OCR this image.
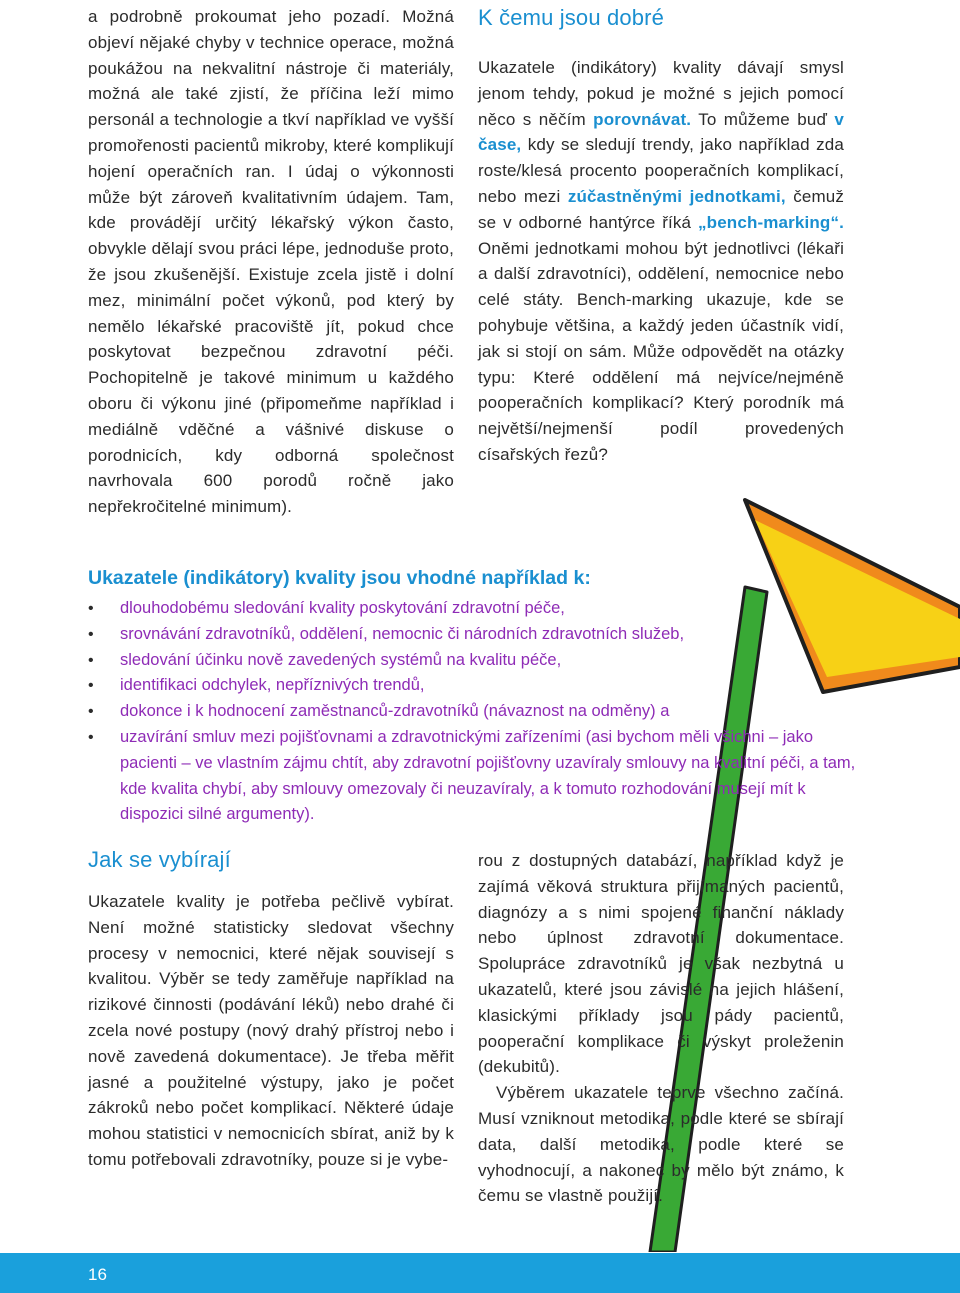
a podrobně prokoumat jeho pozadí. Možná objeví nějaké chyby v technice operace, možná poukážou na nekvalitní nástroje či materiály, možná ale také zjistí, že příčina leží mimo personál a technologie a tkví například ve vyšší promořenosti pacientů mikroby, které komplikují hojení operačních ran. I údaj o výkonnosti může být zároveň kvalitativním údajem. Tam, kde provádějí určitý lékařský výkon často, obvykle dělají svou práci lépe, jednoduše proto, že jsou zkušenější. Existuje zcela jistě i dolní mez, minimální počet výkonů, pod který by nemělo lékařské pracoviště jít, pokud chce poskytovat bezpečnou zdravotní péči. Pochopitelně je takové minimum u každého oboru či výkonu jiné (připomeňme například i mediálně vděčné a vášnivé diskuse o porodnicích, kdy odborná společnost navrhovala 600 porodů ročně jako nepřekročitelné minimum).

K čemu jsou dobré

Ukazatele (indikátory) kvality dávají smysl jenom tehdy, pokud je možné s jejich pomocí něco s něčím porovnávat. To můžeme buď v čase, kdy se sledují trendy, jako například zda roste/klesá procento pooperačních komplikací, nebo mezi zúčastněnými jednotkami, čemuž se v odborné hantýrce říká „bench-marking“. Oněmi jednotkami mohou být jednotlivci (lékaři a další zdravotníci), oddělení, nemocnice nebo celé státy. Bench-marking ukazuje, kde se pohybuje většina, a každý jeden účastník vidí, jak si stojí on sám. Může odpovědět na otázky typu: Které oddělení má nejvíce/nejméně pooperačních komplikací? Který porodník má největší/nejmenší podíl provedených císařských řezů?

Ukazatele (indikátory) kvality jsou vhodné například k:
• dlouhodobému sledování kvality poskytování zdravotní péče,
• srovnávání zdravotníků, oddělení, nemocnic či národních zdravotních služeb,
• sledování účinku nově zavedených systémů na kvalitu péče,
• identifikaci odchylek, nepříznivých trendů,
• dokonce i k hodnocení zaměstnanců-zdravotníků (návaznost na odměny) a
• uzavírání smluv mezi pojišťovnami a zdravotnickými zařízeními (asi bychom měli všichni – jako pacienti – ve vlastním zájmu chtít, aby zdravotní pojišťovny uzavíraly smlouvy na kvalitní péči, a tam, kde kvalita chybí, aby smlouvy omezovaly či neuzavíraly, a k tomuto rozhodování musejí mít k dispozici silné argumenty).
Jak se vybírají

Ukazatele kvality je potřeba pečlivě vybírat. Není možné statisticky sledovat všechny procesy v nemocnici, které nějak souvisejí s kvalitou. Výběr se tedy zaměřuje například na rizikové činnosti (podávání léků) nebo drahé či zcela nové postupy (nový drahý přístroj nebo i nově zavedená dokumentace). Je třeba měřit jasné a použitelné výstupy, jako je počet zákroků nebo počet komplikací. Některé údaje mohou statistici v nemocnicích sbírat, aniž by k tomu potřebovali zdravotníky, pouze si je vybe-

rou z dostupných databází, například když je zajímá věková struktura přijímaných pacientů, diagnózy a s nimi spojené finanční náklady nebo úplnost zdravotní dokumentace. Spolupráce zdravotníků je však nezbytná u ukazatelů, které jsou závislé na jejich hlášení, klasickými příklady jsou pády pacientů, pooperační komplikace či výskyt proleženin (dekubitů).

Výběrem ukazatele teprve všechno začíná. Musí vzniknout metodika, podle které se sbírají data, další metodika, podle které se vyhodnocují, a nakonec by mělo být známo, k čemu se vlastně použijí.

16
